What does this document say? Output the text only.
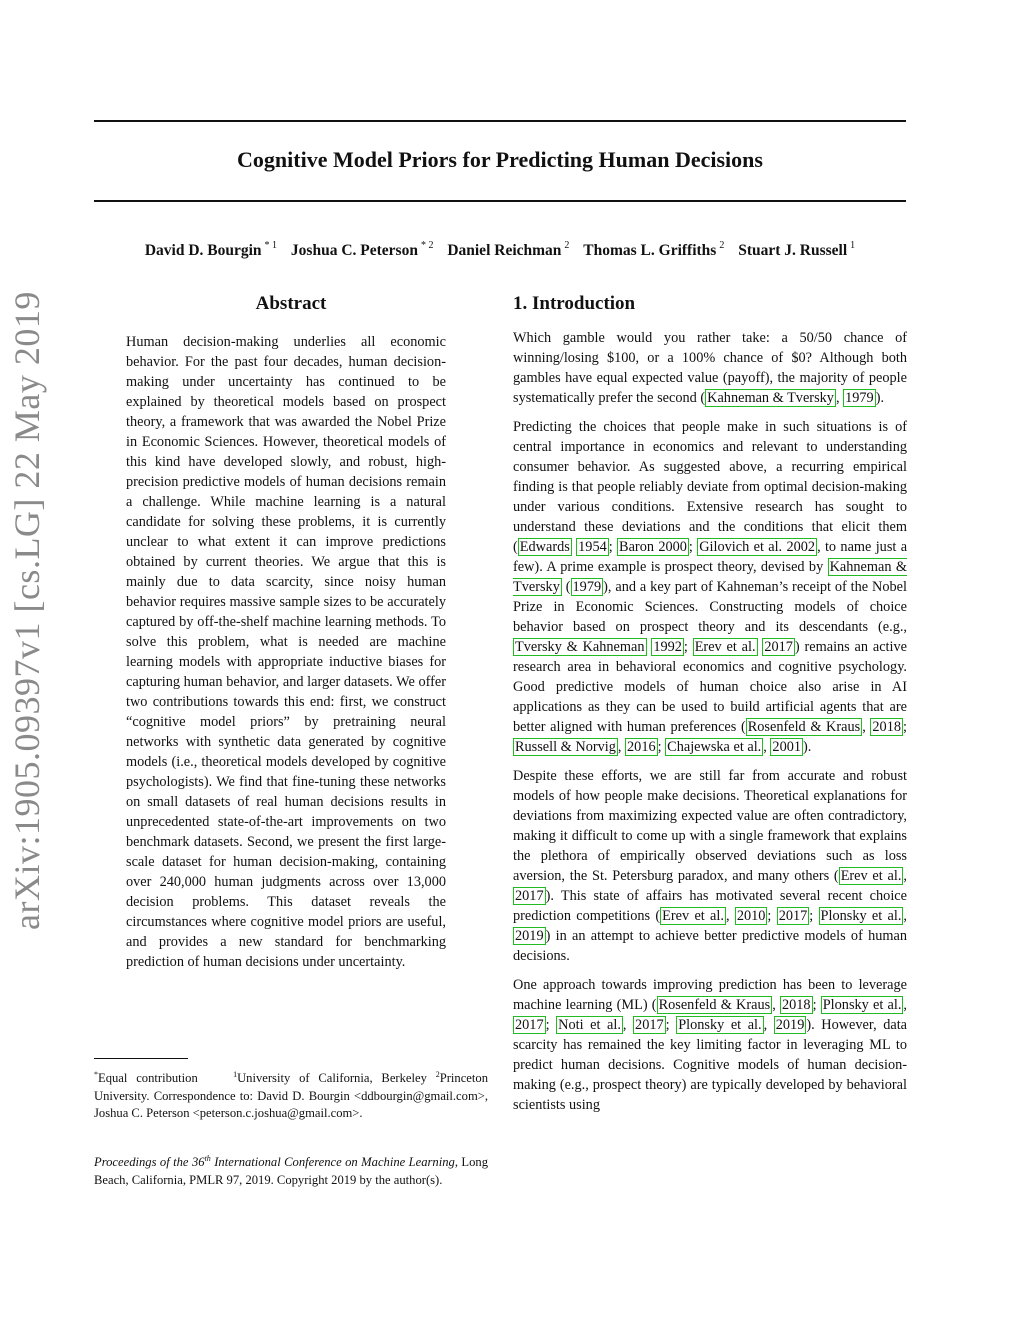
arXiv:1905.09397v1 [cs.LG] 22 May 2019
Cognitive Model Priors for Predicting Human Decisions
David D. Bourgin $^{* 1}$ Joshua C. Peterson $^{* 2}$ Daniel Reichman $^2$ Thomas L. Griffiths $^2$ Stuart J. Russell $^1$
Abstract
Human decision-making underlies all economic behavior. For the past four decades, human decision-making under uncertainty has continued to be explained by theoretical models based on prospect theory, a framework that was awarded the Nobel Prize in Economic Sciences. However, theoretical models of this kind have developed slowly, and robust, high-precision predictive models of human decisions remain a challenge. While machine learning is a natural candidate for solving these problems, it is currently unclear to what extent it can improve predictions obtained by current theories. We argue that this is mainly due to data scarcity, since noisy human behavior requires massive sample sizes to be accurately captured by off-the-shelf machine learning methods. To solve this problem, what is needed are machine learning models with appropriate inductive biases for capturing human behavior, and larger datasets. We offer two contributions towards this end: first, we construct “cognitive model priors” by pretraining neural networks with synthetic data generated by cognitive models (i.e., theoretical models developed by cognitive psychologists). We find that fine-tuning these networks on small datasets of real human decisions results in unprecedented state-of-the-art improvements on two benchmark datasets. Second, we present the first large-scale dataset for human decision-making, containing over 240,000 human judgments across over 13,000 decision problems. This dataset reveals the circumstances where cognitive model priors are useful, and provides a new standard for benchmarking prediction of human decisions under uncertainty.
*Equal contribution	$^1$University of California, Berkeley $^2$Princeton University. Correspondence to: David D. Bourgin <ddbourgin@gmail.com>, Joshua C. Peterson <peterson.c.joshua@gmail.com>.
Proceedings of the 36th International Conference on Machine Learning, Long Beach, California, PMLR 97, 2019. Copyright 2019 by the author(s).
1. Introduction

Which gamble would you rather take: a 50/50 chance of winning/losing $100, or a 100% chance of $0? Although both gambles have equal expected value (payoff), the majority of people systematically prefer the second ( Kahneman & Tversky , 1979 ).

Predicting the choices that people make in such situations is of central importance in economics and relevant to understanding consumer behavior. As suggested above, a recurring empirical finding is that people reliably deviate from optimal decision-making under various conditions. Extensive research has sought to understand these deviations and the conditions that elicit them ( Edwards 1954 ; Baron 2000 ; Gilovich et al. 2002 , to name just a few). A prime example is prospect theory, devised by Kahneman & Tversky ( 1979 ), and a key part of Kahneman’s receipt of the Nobel Prize in Economic Sciences. Constructing models of choice behavior based on prospect theory and its descendants (e.g., Tversky & Kahneman 1992 ; Erev et al. 2017 ) remains an active research area in behavioral economics and cognitive psychology. Good predictive models of human choice also arise in AI applications as they can be used to build artificial agents that are better aligned with human preferences ( Rosenfeld & Kraus , 2018 ; Russell & Norvig , 2016 ; Chajewska et al. , 2001 ).

Despite these efforts, we are still far from accurate and robust models of how people make decisions. Theoretical explanations for deviations from maximizing expected value are often contradictory, making it difficult to come up with a single framework that explains the plethora of empirically observed deviations such as loss aversion, the St. Petersburg paradox, and many others ( Erev et al. , 2017 ). This state of affairs has motivated several recent choice prediction competitions ( Erev et al. , 2010 ; 2017 ; Plonsky et al. , 2019 ) in an attempt to achieve better predictive models of human decisions.

One approach towards improving prediction has been to leverage machine learning (ML) ( Rosenfeld & Kraus , 2018 ; Plonsky et al. , 2017 ; Noti et al. , 2017 ; Plonsky et al. , 2019 ). However, data scarcity has remained the key limiting factor in leveraging ML to predict human decisions. Cognitive models of human decision-making (e.g., prospect theory) are typically developed by behavioral scientists using
